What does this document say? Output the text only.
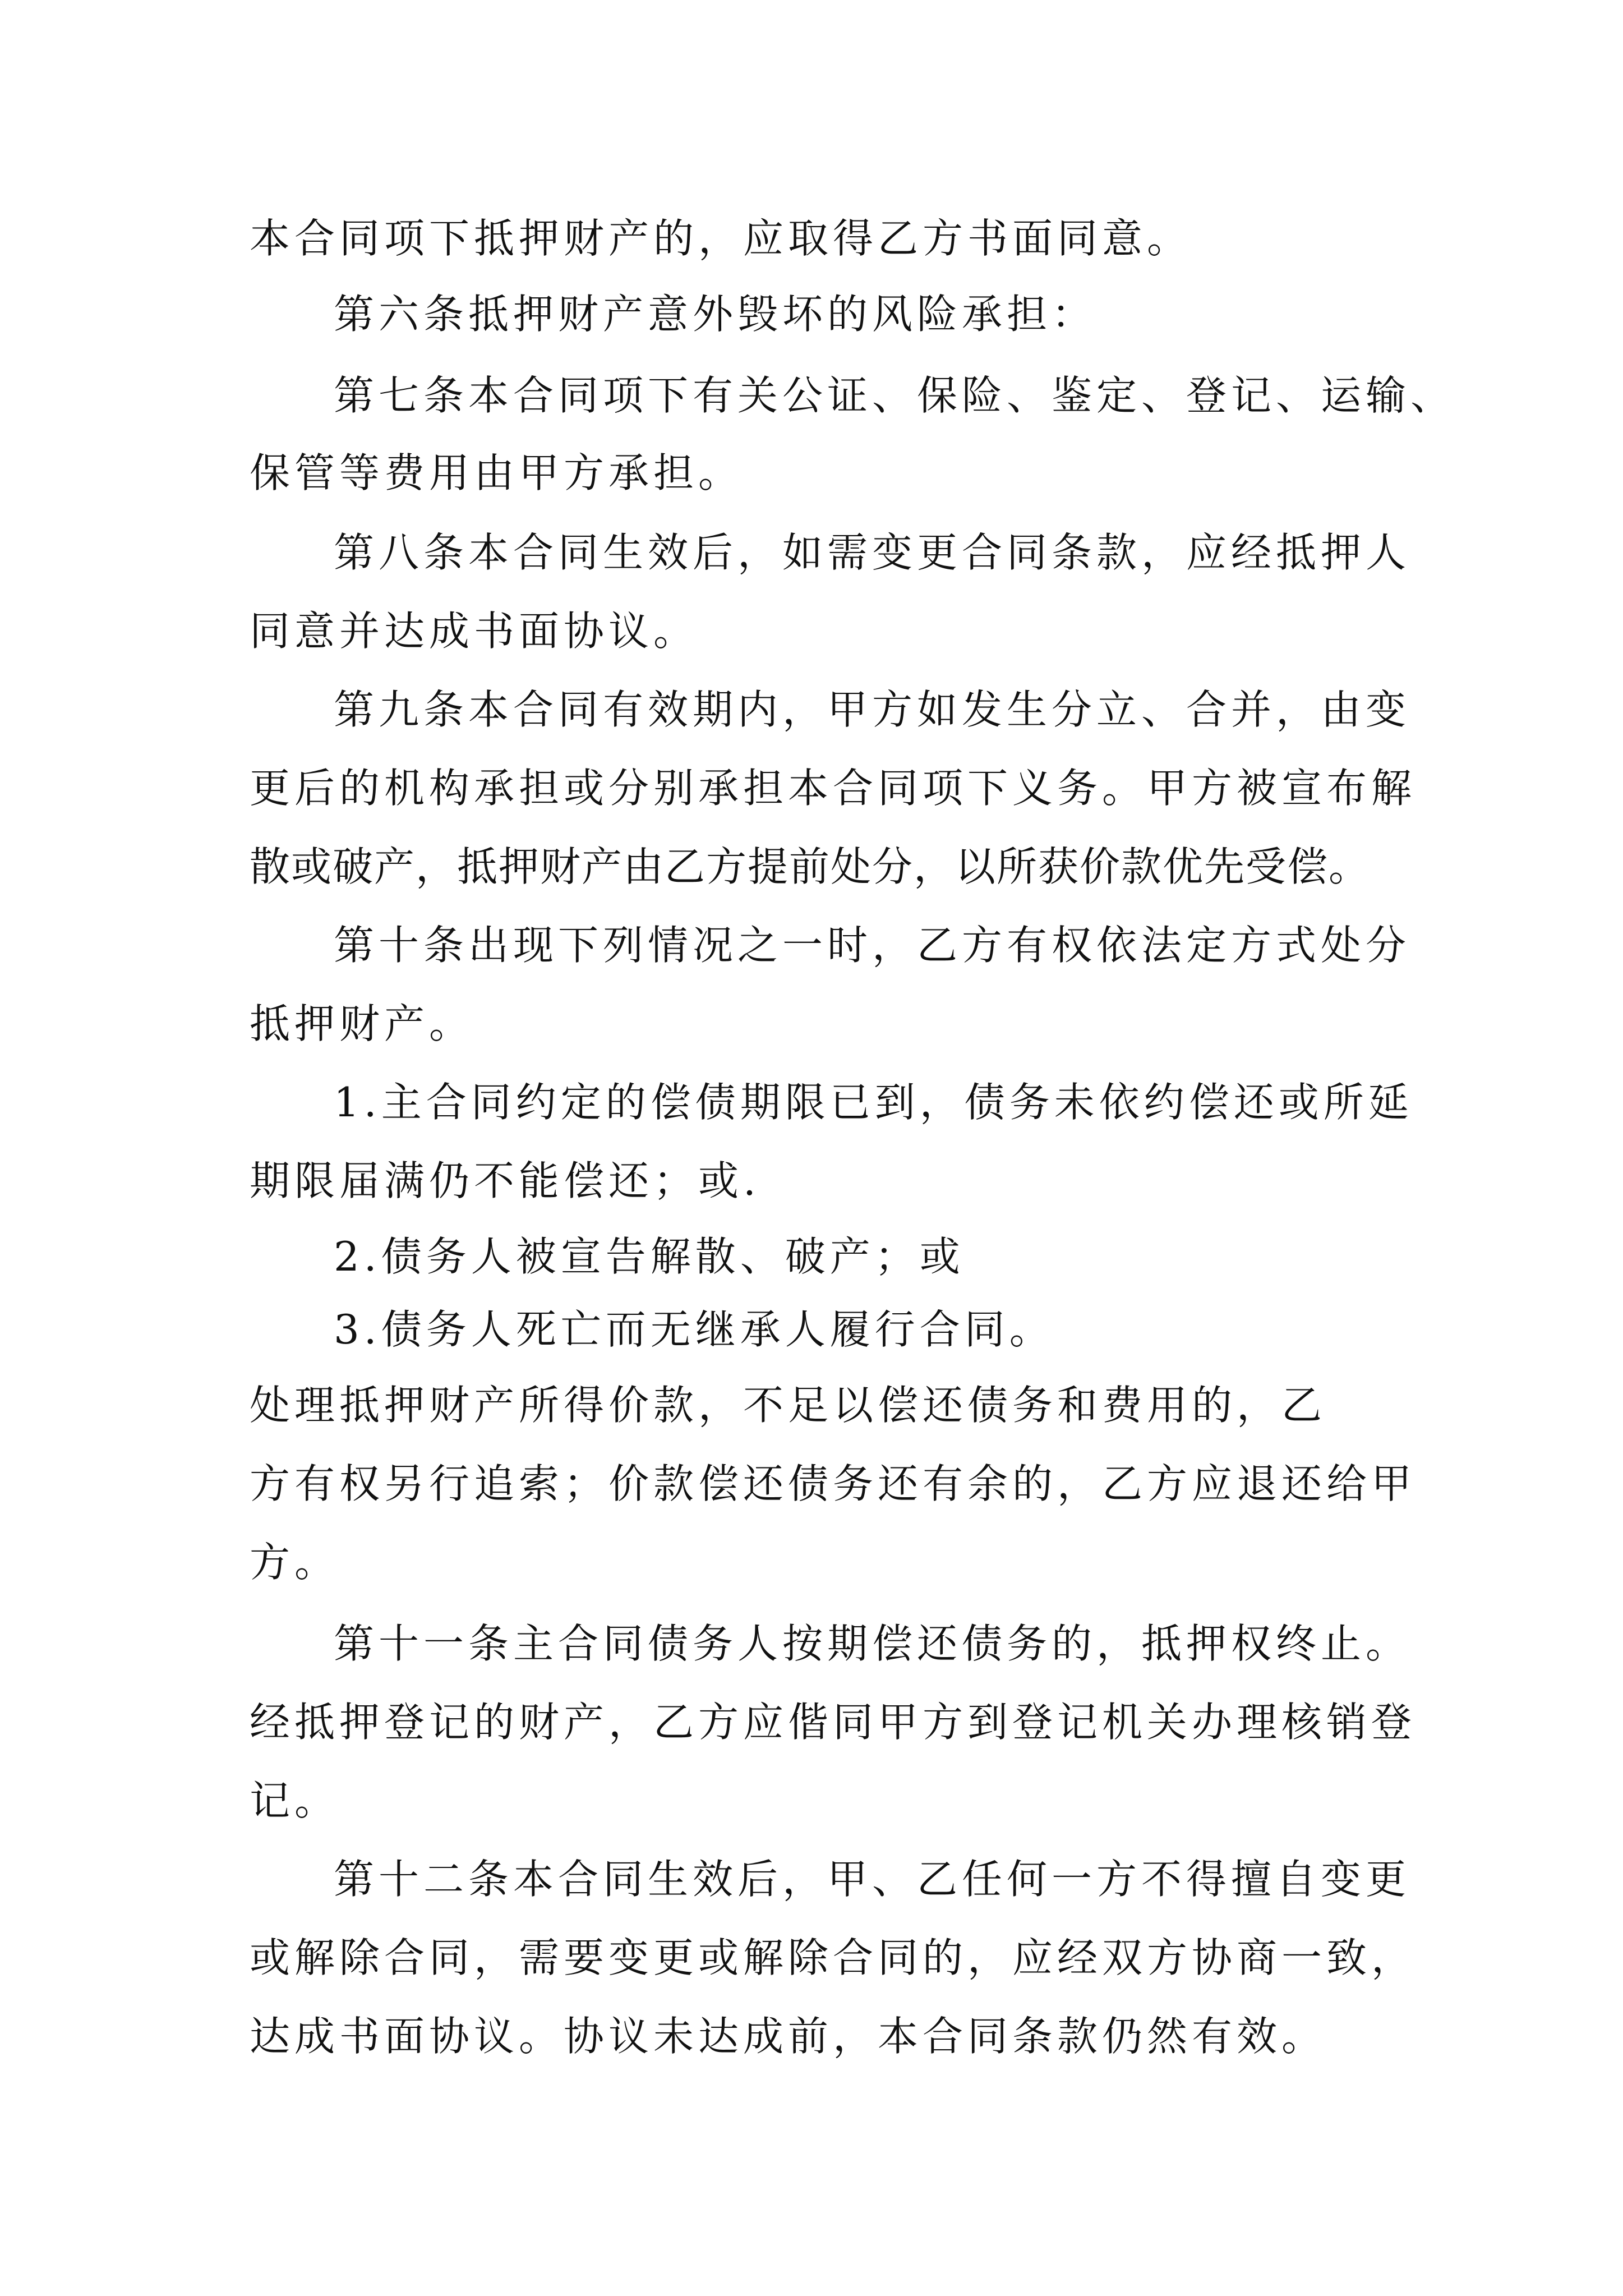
本合同项下抵押财产的，应取得乙方书面同意。

第六条抵押财产意外毁坏的风险承担：

第七条本合同项下有关公证、保险、鉴定、登记、运输、

保管等费用由甲方承担。

第八条本合同生效后，如需变更合同条款，应经抵押人

同意并达成书面协议。

第九条本合同有效期内，甲方如发生分立、合并，由变

更后的机构承担或分别承担本合同项下义务。甲方被宣布解

散或破产，抵押财产由乙方提前处分，以所获价款优先受偿。

第十条出现下列情况之一时，乙方有权依法定方式处分

抵押财产。

1.主合同约定的偿债期限已到，债务未依约偿还或所延

期限届满仍不能偿还；或.

2.债务人被宣告解散、破产；或

3.债务人死亡而无继承人履行合同。

处理抵押财产所得价款，不足以偿还债务和费用的，乙

方有权另行追索；价款偿还债务还有余的，乙方应退还给甲

方。

第十一条主合同债务人按期偿还债务的，抵押权终止。

经抵押登记的财产，乙方应偕同甲方到登记机关办理核销登

记。

第十二条本合同生效后，甲、乙任何一方不得擅自变更

或解除合同，需要变更或解除合同的，应经双方协商一致，

达成书面协议。协议未达成前，本合同条款仍然有效。
